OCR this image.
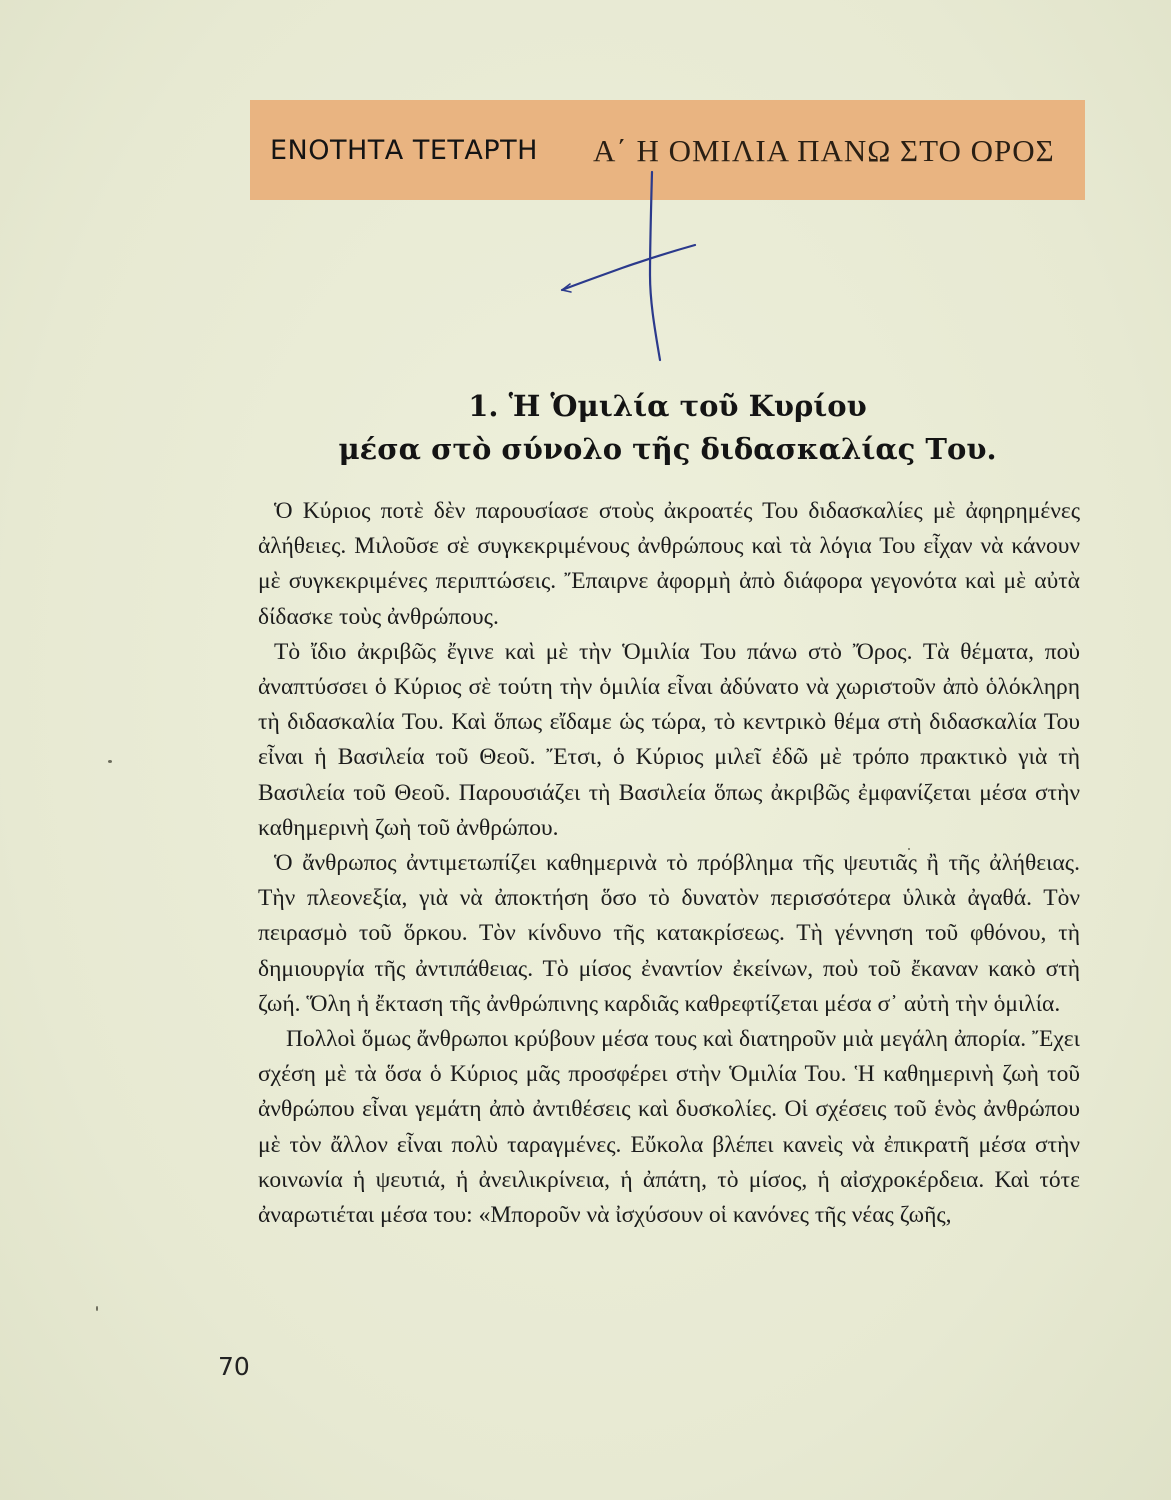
ΕΝΟΤΗΤΑ ΤΕΤΑΡΤΗ Α΄ Η ΟΜΙΛΙΑ ΠΑΝΩ ΣΤΟ ΟΡΟΣ
1. Ἡ Ὁμιλία τοῦ Κυρίου
μέσα στὸ σύνολο τῆς διδασκαλίας Του.

Ὁ Κύριος ποτὲ δὲν παρουσίασε στοὺς ἀκροατές Του διδασκαλίες μὲ ἀφηρημένες ἀλήθειες. Μιλοῦσε σὲ συγκεκριμένους ἀνθρώπους καὶ τὰ λόγια Του εἶχαν νὰ κάνουν μὲ συγκεκριμένες περιπτώσεις. Ἔπαιρνε ἀφορμὴ ἀπὸ διάφορα γεγονότα καὶ μὲ αὐτὰ δίδασκε τοὺς ἀνθρώπους.

Τὸ ἴδιο ἀκριβῶς ἔγινε καὶ μὲ τὴν Ὁμιλία Του πάνω στὸ Ὄρος. Τὰ θέματα, ποὺ ἀναπτύσσει ὁ Κύριος σὲ τούτη τὴν ὁμιλία εἶναι ἀδύνατο νὰ χωριστοῦν ἀπὸ ὁλόκληρη τὴ διδασκαλία Του. Καὶ ὅπως εἴδαμε ὡς τώρα, τὸ κεντρικὸ θέμα στὴ διδασκαλία Του εἶναι ἡ Βασιλεία τοῦ Θεοῦ. Ἔτσι, ὁ Κύριος μιλεῖ ἐδῶ μὲ τρόπο πρακτικὸ γιὰ τὴ Βασιλεία τοῦ Θεοῦ. Παρουσιάζει τὴ Βασιλεία ὅπως ἀκριβῶς ἐμφανίζεται μέσα στὴν καθημερινὴ ζωὴ τοῦ ἀνθρώπου.

Ὁ ἄνθρωπος ἀντιμετωπίζει καθημερινὰ τὸ πρόβλημα τῆς ψευτιᾶς ἢ τῆς ἀλήθειας. Τὴν πλεονεξία, γιὰ νὰ ἀποκτήση ὅσο τὸ δυνατὸν περισσότερα ὑλικὰ ἀγαθά. Τὸν πειρασμὸ τοῦ ὅρκου. Τὸν κίνδυνο τῆς κατακρίσεως. Τὴ γέννηση τοῦ φθόνου, τὴ δημιουργία τῆς ἀντιπάθειας. Τὸ μίσος ἐναντίον ἐκείνων, ποὺ τοῦ ἔκαναν κακὸ στὴ ζωή. Ὅλη ἡ ἔκταση τῆς ἀνθρώπινης καρδιᾶς καθρεφτίζεται μέσα σ᾽ αὐτὴ τὴν ὁμιλία.

Πολλοὶ ὅμως ἄνθρωποι κρύβουν μέσα τους καὶ διατηροῦν μιὰ μεγάλη ἀπορία. Ἔχει σχέση μὲ τὰ ὅσα ὁ Κύριος μᾶς προσφέρει στὴν Ὁμιλία Του. Ἡ καθημερινὴ ζωὴ τοῦ ἀνθρώπου εἶναι γεμάτη ἀπὸ ἀντιθέσεις καὶ δυσκολίες. Οἱ σχέσεις τοῦ ἑνὸς ἀνθρώπου μὲ τὸν ἄλλον εἶναι πολὺ ταραγμένες. Εὔκολα βλέπει κανεὶς νὰ ἐπικρατῆ μέσα στὴν κοινωνία ἡ ψευτιά, ἡ ἀνειλικρίνεια, ἡ ἀπάτη, τὸ μίσος, ἡ αἰσχροκέρδεια. Καὶ τότε ἀναρωτιέται μέσα του: «Μποροῦν νὰ ἰσχύσουν οἱ κανόνες τῆς νέας ζωῆς,

70
